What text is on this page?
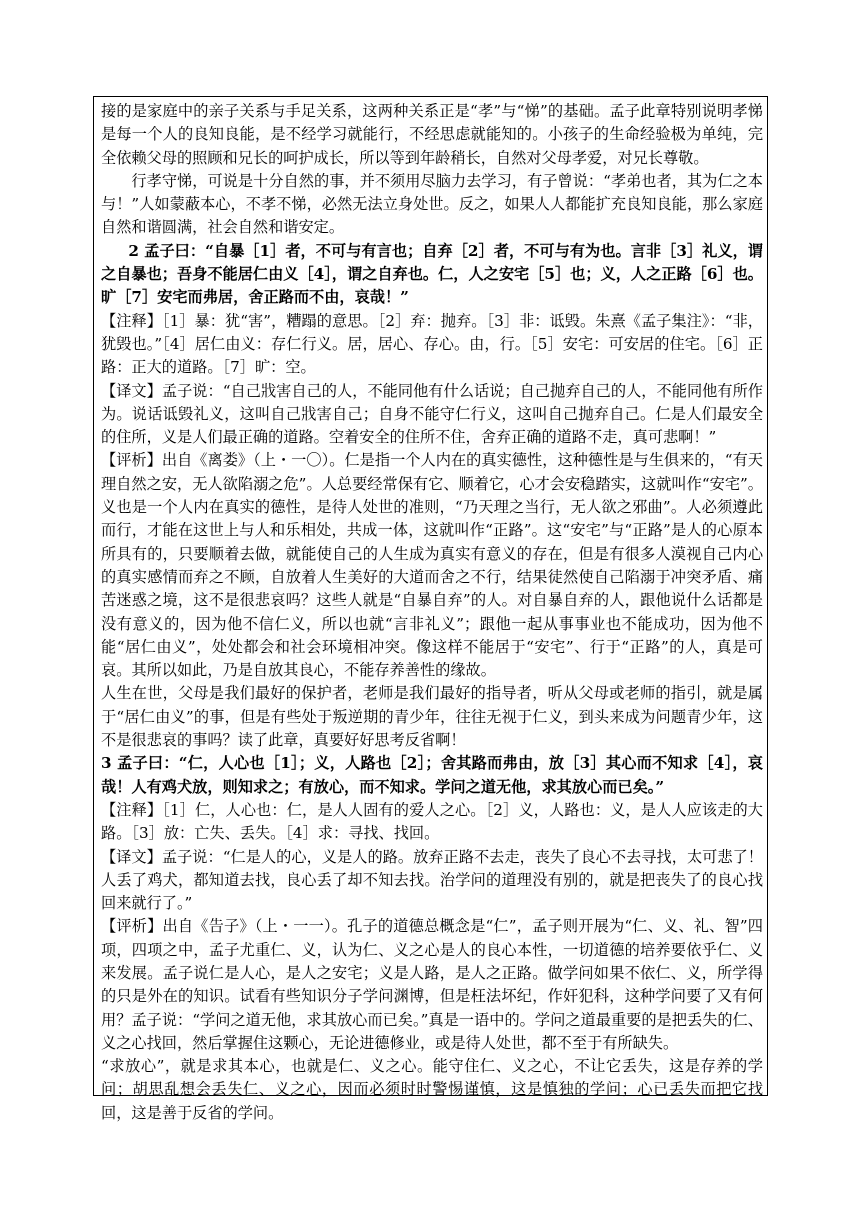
接的是家庭中的亲子关系与手足关系，这两种关系正是“孝”与“悌”的基础。孟子此章特别说明孝悌是每一个人的良知良能，是不经学习就能行，不经思虑就能知的。小孩子的生命经验极为单纯，完全依赖父母的照顾和兄长的呵护成长，所以等到年龄稍长，自然对父母孝爱，对兄长尊敬。

行孝守悌，可说是十分自然的事，并不须用尽脑力去学习，有子曾说：“孝弟也者，其为仁之本与！”人如蒙蔽本心，不孝不悌，必然无法立身处世。反之，如果人人都能扩充良知良能，那么家庭自然和谐圆满，社会自然和谐安定。

2 孟子曰：“自暴［1］者，不可与有言也；自弃［2］者，不可与有为也。言非［3］礼义，谓之自暴也；吾身不能居仁由义［4］，谓之自弃也。仁，人之安宅［5］也；义，人之正路［6］也。旷［7］安宅而弗居，舍正路而不由，哀哉！”

【注释】［1］暴：犹“害”，糟蹋的意思。［2］弃：抛弃。［3］非：诋毁。朱熹《孟子集注》：“非，犹毁也。”［4］居仁由义：存仁行义。居，居心、存心。由，行。［5］安宅：可安居的住宅。［6］正路：正大的道路。［7］旷：空。

【译文】孟子说：“自己戕害自己的人，不能同他有什么话说；自己抛弃自己的人，不能同他有所作为。说话诋毁礼义，这叫自己戕害自己；自身不能守仁行义，这叫自己抛弃自己。仁是人们最安全的住所，义是人们最正确的道路。空着安全的住所不住，舍弃正确的道路不走，真可悲啊！”

【评析】出自《离娄》（上・一〇）。仁是指一个人内在的真实德性，这种德性是与生俱来的，“有天理自然之安，无人欲陷溺之危”。人总要经常保有它、顺着它，心才会安稳踏实，这就叫作“安宅”。义也是一个人内在真实的德性，是待人处世的准则，“乃天理之当行，无人欲之邪曲”。人必须遵此而行，才能在这世上与人和乐相处，共成一体，这就叫作“正路”。这“安宅”与“正路”是人的心原本所具有的，只要顺着去做，就能使自己的人生成为真实有意义的存在，但是有很多人漠视自己内心的真实感情而弃之不顾，自放着人生美好的大道而舍之不行，结果徒然使自己陷溺于冲突矛盾、痛苦迷惑之境，这不是很悲哀吗？这些人就是“自暴自弃”的人。对自暴自弃的人，跟他说什么话都是没有意义的，因为他不信仁义，所以也就“言非礼义”；跟他一起从事事业也不能成功，因为他不能“居仁由义”，处处都会和社会环境相冲突。像这样不能居于“安宅”、行于“正路”的人，真是可哀。其所以如此，乃是自放其良心，不能存养善性的缘故。

人生在世，父母是我们最好的保护者，老师是我们最好的指导者，听从父母或老师的指引，就是属于“居仁由义”的事，但是有些处于叛逆期的青少年，往往无视于仁义，到头来成为问题青少年，这不是很悲哀的事吗？读了此章，真要好好思考反省啊！

3 孟子曰：“仁，人心也［1］；义，人路也［2］；舍其路而弗由，放［3］其心而不知求［4］，哀哉！人有鸡犬放，则知求之；有放心，而不知求。学问之道无他，求其放心而已矣。”

【注释】［1］仁，人心也：仁，是人人固有的爱人之心。［2］义，人路也：义，是人人应该走的大路。［3］放：亡失、丢失。［4］求：寻找、找回。

【译文】孟子说：“仁是人的心，义是人的路。放弃正路不去走，丧失了良心不去寻找，太可悲了！人丢了鸡犬，都知道去找，良心丢了却不知去找。治学问的道理没有别的，就是把丧失了的良心找回来就行了。”

【评析】出自《告子》（上・一一）。孔子的道德总概念是“仁”，孟子则开展为“仁、义、礼、智”四项，四项之中，孟子尤重仁、义，认为仁、义之心是人的良心本性，一切道德的培养要依乎仁、义来发展。孟子说仁是人心，是人之安宅；义是人路，是人之正路。做学问如果不依仁、义，所学得的只是外在的知识。试看有些知识分子学问渊博，但是枉法坏纪，作奸犯科，这种学问要了又有何用？孟子说：“学问之道无他，求其放心而已矣。”真是一语中的。学问之道最重要的是把丢失的仁、义之心找回，然后掌握住这颗心，无论进德修业，或是待人处世，都不至于有所缺失。

“求放心”，就是求其本心，也就是仁、义之心。能守住仁、义之心，不让它丢失，这是存养的学问；胡思乱想会丢失仁、义之心，因而必须时时警惕谨慎，这是慎独的学问；心已丢失而把它找回，这是善于反省的学问。
